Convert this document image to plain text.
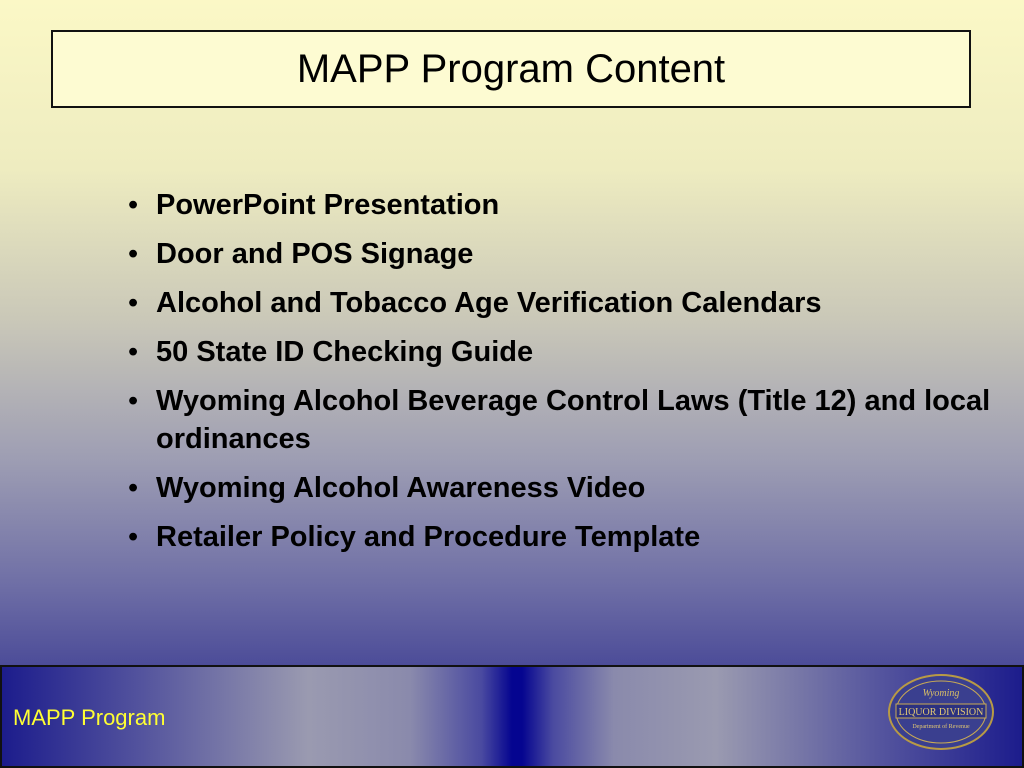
MAPP Program Content
• PowerPoint Presentation
• Door and POS Signage
• Alcohol and Tobacco Age Verification Calendars
• 50 State ID Checking Guide
• Wyoming Alcohol Beverage Control Laws (Title 12) and local ordinances
• Wyoming Alcohol Awareness Video
• Retailer Policy and Procedure Template
MAPP Program
Wyoming
LIQUOR DIVISION
Department of Revenue
